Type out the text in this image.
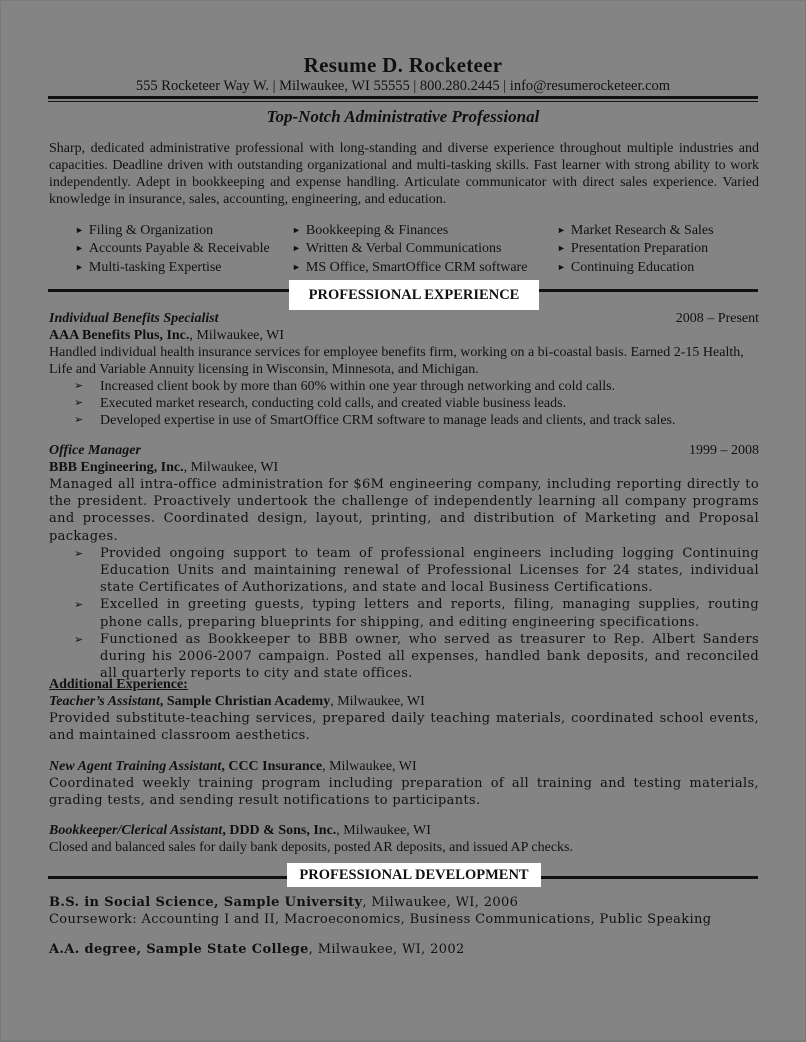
Resume D. Rocketeer
555 Rocketeer Way W. | Milwaukee, WI 55555 | 800.280.2445 | info@resumerocketeer.com
Top-Notch Administrative Professional
Sharp, dedicated administrative professional with long-standing and diverse experience throughout multiple industries and capacities. Deadline driven with outstanding organizational and multi-tasking skills. Fast learner with strong ability to work independently. Adept in bookkeeping and expense handling. Articulate communicator with direct sales experience. Varied knowledge in insurance, sales, accounting, engineering, and education.
► Filing & Organization
► Accounts Payable & Receivable
► Multi-tasking Expertise
► Bookkeeping & Finances
► Written & Verbal Communications
► MS Office, SmartOffice CRM software
► Market Research & Sales
► Presentation Preparation
► Continuing Education
PROFESSIONAL EXPERIENCE
Individual Benefits Specialist	2008 – Present
AAA Benefits Plus, Inc., Milwaukee, WI
Handled individual health insurance services for employee benefits firm, working on a bi-coastal basis. Earned 2-15 Health, Life and Variable Annuity licensing in Wisconsin, Minnesota, and Michigan.
➢ Increased client book by more than 60% within one year through networking and cold calls.
➢ Executed market research, conducting cold calls, and created viable business leads.
➢ Developed expertise in use of SmartOffice CRM software to manage leads and clients, and track sales.
Office Manager	1999 – 2008
BBB Engineering, Inc., Milwaukee, WI
Managed all intra-office administration for $6M engineering company, including reporting directly to the president. Proactively undertook the challenge of independently learning all company programs and processes. Coordinated design, layout, printing, and distribution of Marketing and Proposal packages.
➢ Provided ongoing support to team of professional engineers including logging Continuing Education Units and maintaining renewal of Professional Licenses for 24 states, individual state Certificates of Authorizations, and state and local Business Certifications.
➢ Excelled in greeting guests, typing letters and reports, filing, managing supplies, routing phone calls, preparing blueprints for shipping, and editing engineering specifications.
➢ Functioned as Bookkeeper to BBB owner, who served as treasurer to Rep. Albert Sanders during his 2006-2007 campaign. Posted all expenses, handled bank deposits, and reconciled all quarterly reports to city and state offices.
Additional Experience:
Teacher’s Assistant, Sample Christian Academy, Milwaukee, WI
Provided substitute-teaching services, prepared daily teaching materials, coordinated school events, and maintained classroom aesthetics.
New Agent Training Assistant, CCC Insurance, Milwaukee, WI
Coordinated weekly training program including preparation of all training and testing materials, grading tests, and sending result notifications to participants.
Bookkeeper/Clerical Assistant, DDD & Sons, Inc., Milwaukee, WI
Closed and balanced sales for daily bank deposits, posted AR deposits, and issued AP checks.
PROFESSIONAL DEVELOPMENT
B.S. in Social Science, Sample University, Milwaukee, WI, 2006
Coursework: Accounting I and II, Macroeconomics, Business Communications, Public Speaking
A.A. degree, Sample State College, Milwaukee, WI, 2002
